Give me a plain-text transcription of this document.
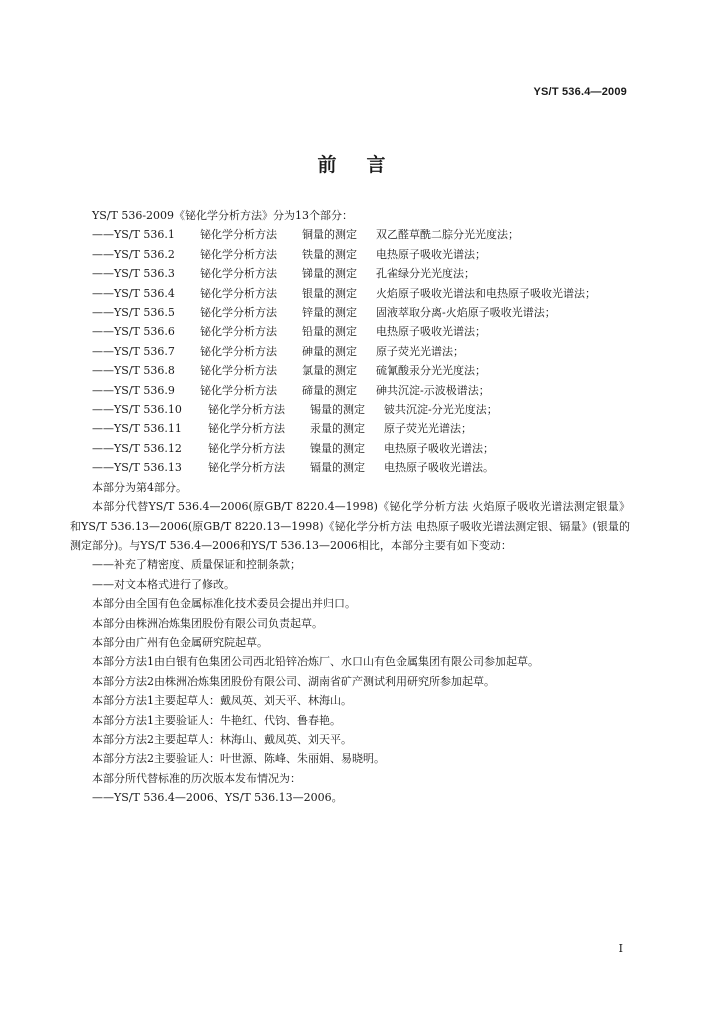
YS/T 536.4—2009
前言
YS/T 536-2009《铋化学分析方法》分为13个部分：
——YS/T 536.1	铋化学分析方法	铜量的测定	双乙醛草酰二腙分光光度法；
——YS/T 536.2	铋化学分析方法	铁量的测定	电热原子吸收光谱法；
——YS/T 536.3	铋化学分析方法	锑量的测定	孔雀绿分光光度法；
——YS/T 536.4	铋化学分析方法	银量的测定	火焰原子吸收光谱法和电热原子吸收光谱法；
——YS/T 536.5	铋化学分析方法	锌量的测定	固液萃取分离-火焰原子吸收光谱法；
——YS/T 536.6	铋化学分析方法	铅量的测定	电热原子吸收光谱法；
——YS/T 536.7	铋化学分析方法	砷量的测定	原子荧光光谱法；
——YS/T 536.8	铋化学分析方法	氯量的测定	硫氰酸汞分光光度法；
——YS/T 536.9	铋化学分析方法	碲量的测定	砷共沉淀-示波极谱法；
——YS/T 536.10	铋化学分析方法	锡量的测定	铍共沉淀-分光光度法；
——YS/T 536.11	铋化学分析方法	汞量的测定	原子荧光光谱法；
——YS/T 536.12	铋化学分析方法	镍量的测定	电热原子吸收光谱法；
——YS/T 536.13	铋化学分析方法	镉量的测定	电热原子吸收光谱法。
本部分为第4部分。
本部分代替YS/T 536.4—2006(原GB/T 8220.4—1998)《铋化学分析方法 火焰原子吸收光谱法测定银量》和YS/T 536.13—2006(原GB/T 8220.13—1998)《铋化学分析方法 电热原子吸收光谱法测定银、镉量》(银量的测定部分)。与YS/T 536.4—2006和YS/T 536.13—2006相比，本部分主要有如下变动：
——补充了精密度、质量保证和控制条款；
——对文本格式进行了修改。
本部分由全国有色金属标准化技术委员会提出并归口。
本部分由株洲冶炼集团股份有限公司负责起草。
本部分由广州有色金属研究院起草。
本部分方法1由白银有色集团公司西北铅锌冶炼厂、水口山有色金属集团有限公司参加起草。
本部分方法2由株洲冶炼集团股份有限公司、湖南省矿产测试利用研究所参加起草。
本部分方法1主要起草人：戴凤英、刘天平、林海山。
本部分方法1主要验证人：牛艳红、代钧、鲁春艳。
本部分方法2主要起草人：林海山、戴凤英、刘天平。
本部分方法2主要验证人：叶世源、陈峰、朱丽娟、易晓明。
本部分所代替标准的历次版本发布情况为：
——YS/T 536.4—2006、YS/T 536.13—2006。
I
